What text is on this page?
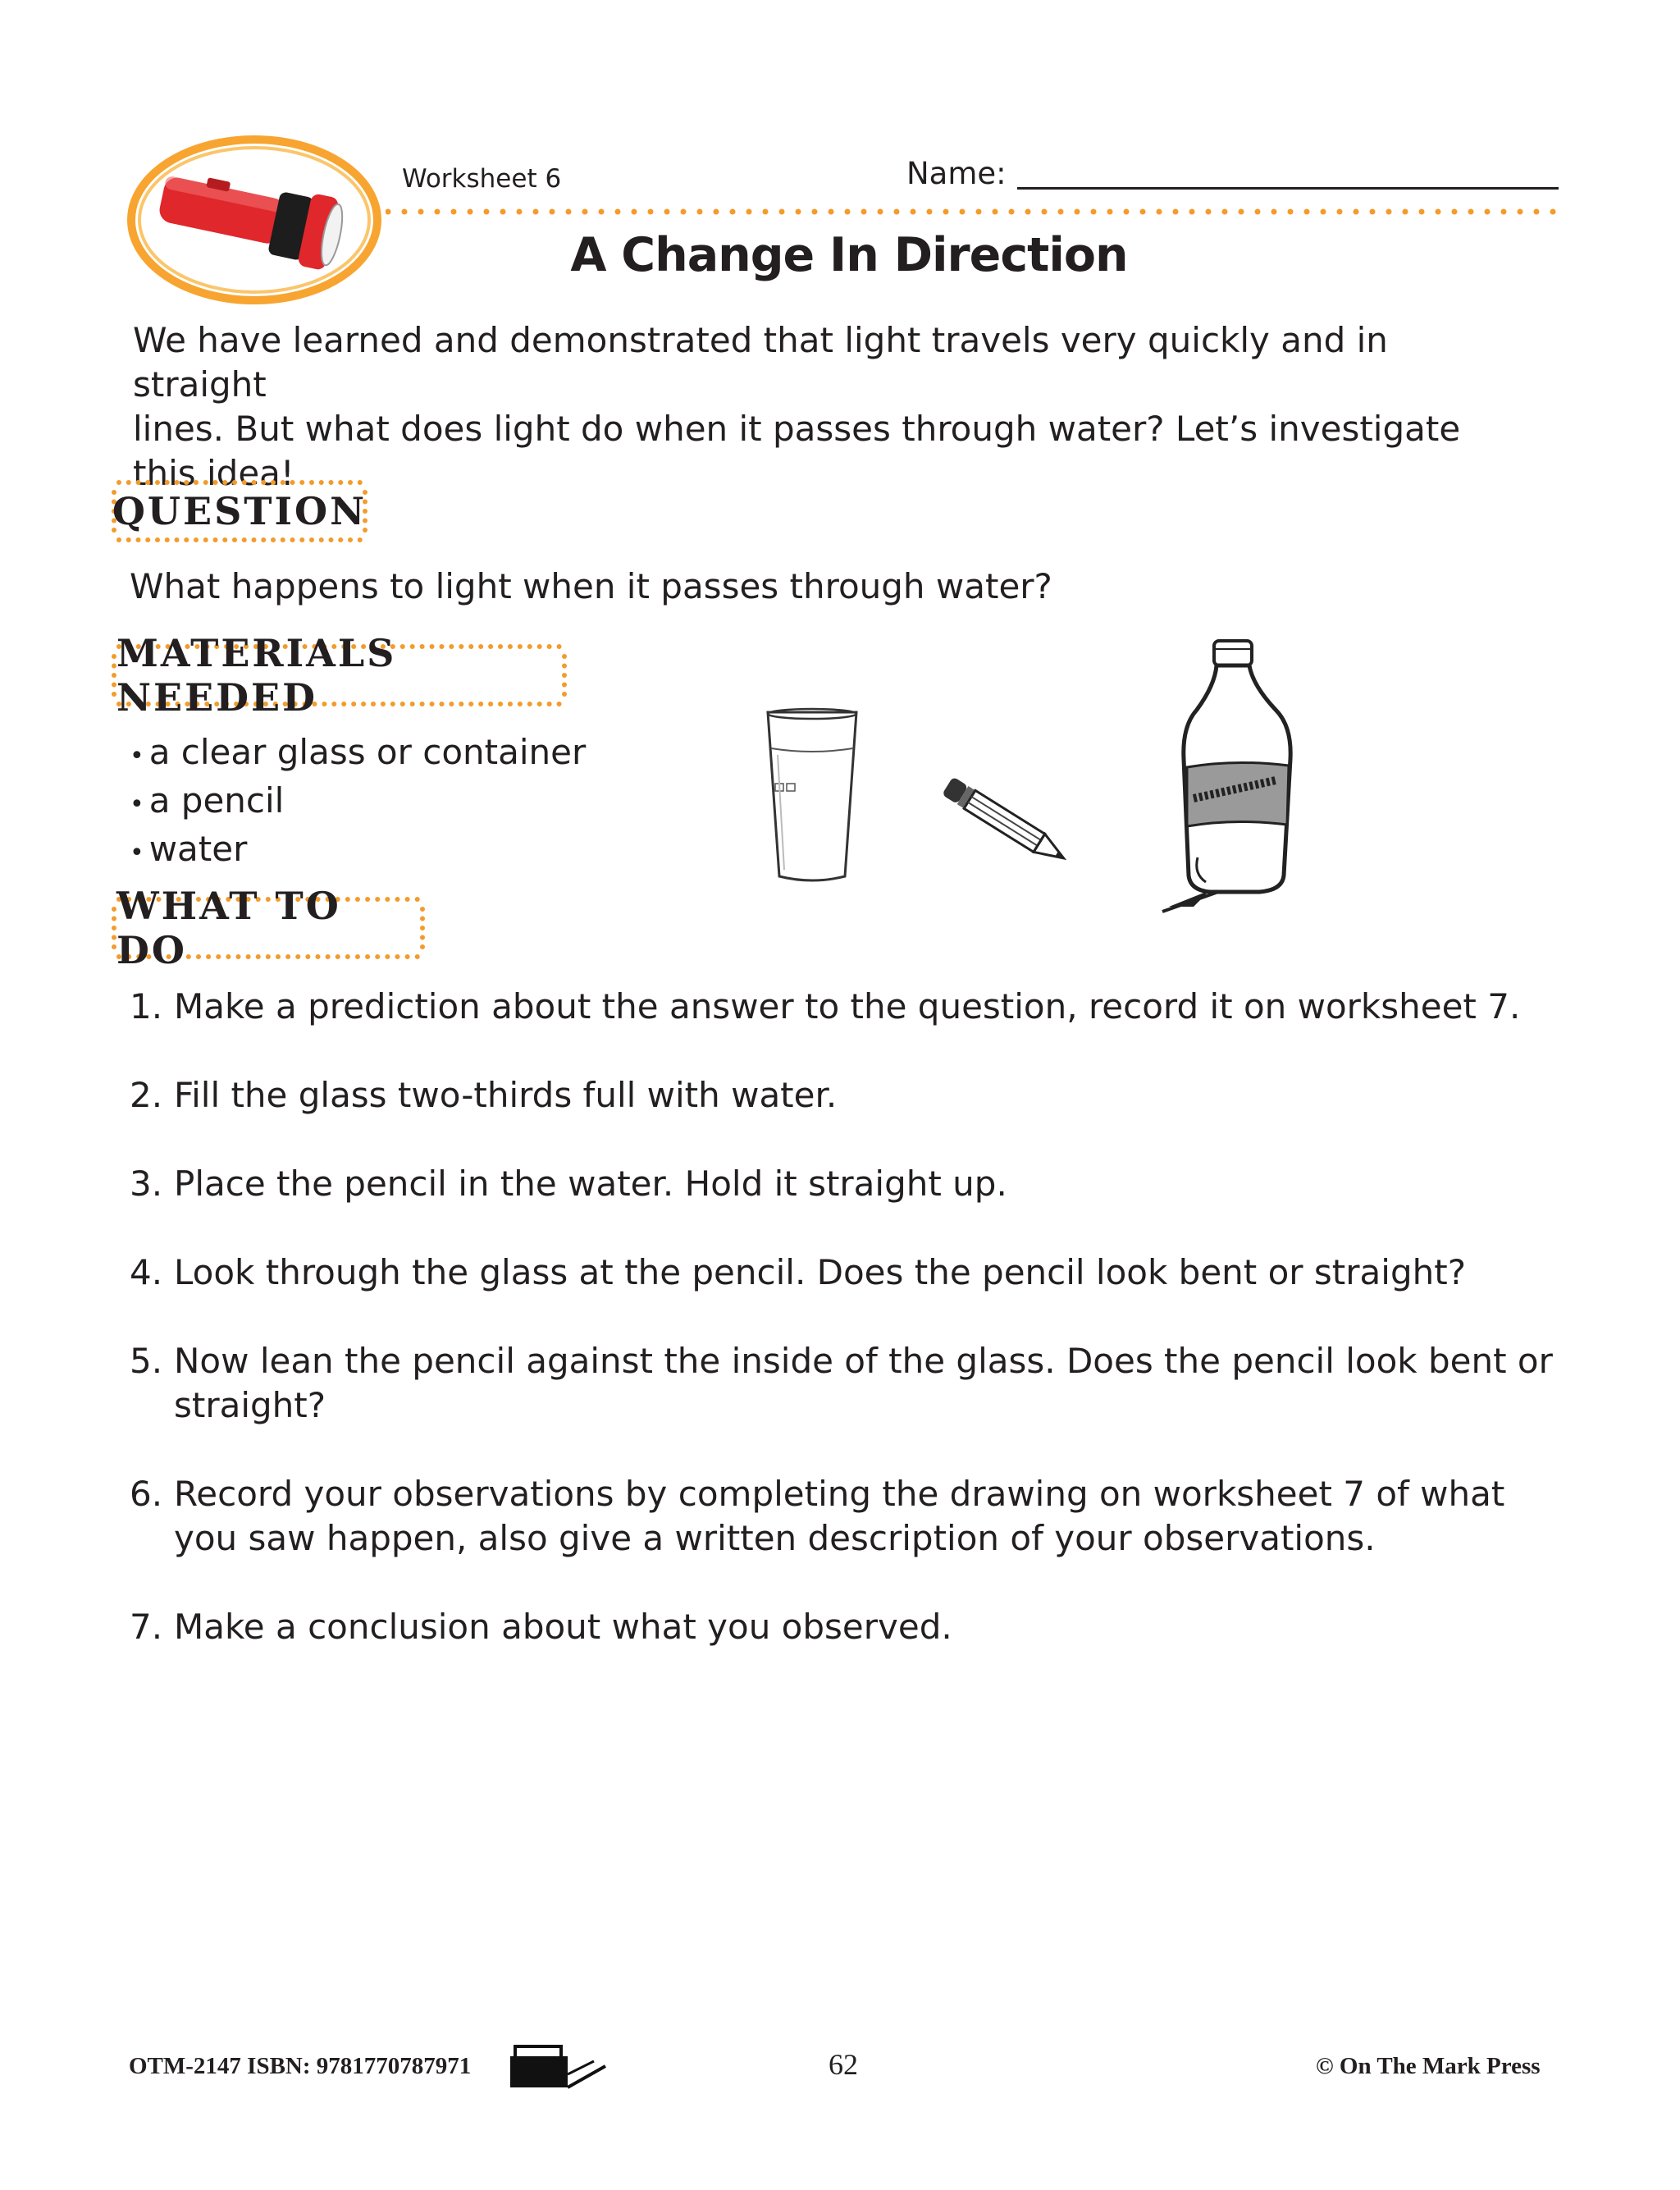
Worksheet 6	Name:
A Change In Direction
We have learned and demonstrated that light travels very quickly and in straight
lines. But what does light do when it passes through water? Let’s investigate
this idea!
QUESTION
What happens to light when it passes through water?
MATERIALS NEEDED
• a clear glass or container
• a pencil
• water
WHAT TO DO
1. Make a prediction about the answer to the question, record it on worksheet 7.
2. Fill the glass two-thirds full with water.
3. Place the pencil in the water. Hold it straight up.
4. Look through the glass at the pencil. Does the pencil look bent or straight?
5. Now lean the pencil against the inside of the glass. Does the pencil look bent or straight?
6. Record your observations by completing the drawing on worksheet 7 of what you saw happen, also give a written description of your observations.
7. Make a conclusion about what you observed.
OTM-2147 ISBN: 9781770787971	62	© On The Mark Press
